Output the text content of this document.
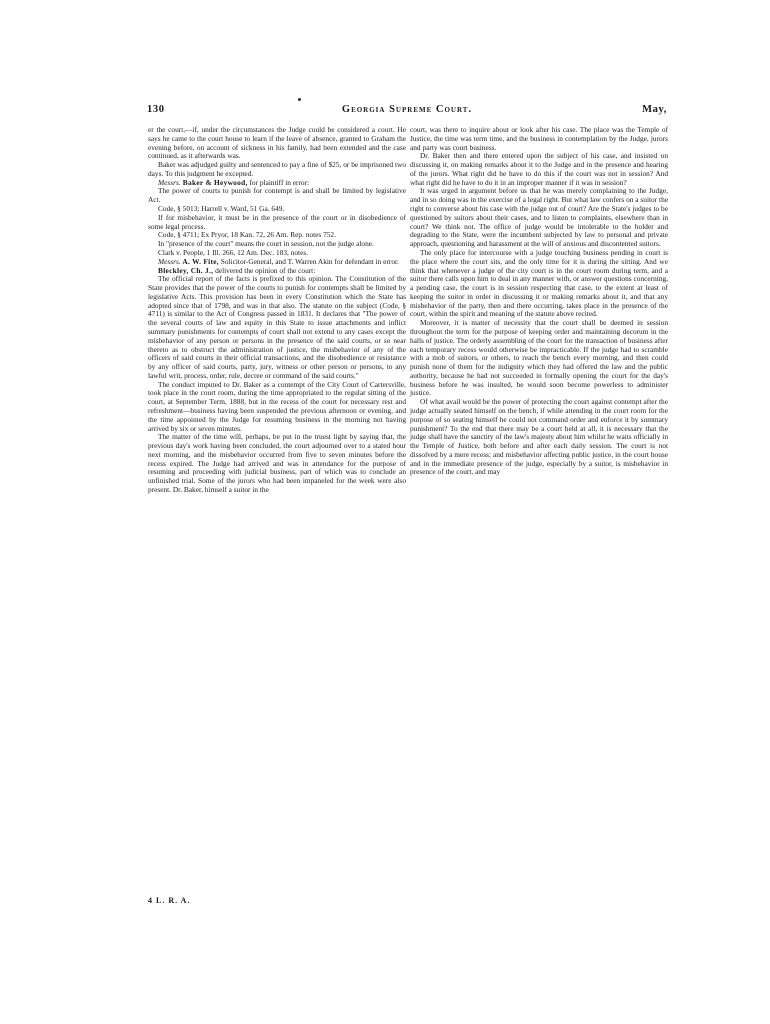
130	Georgia Supreme Court.	May,

er the court,—if, under the circumstances the Judge could be considered a court. He says he came to the court house to learn if the leave of absence, granted to Graham the evening before, on account of sickness in his family, had been extended and the case continued, as it afterwards was.

Baker was adjudged guilty and sentenced to pay a fine of $25, or be imprisoned two days. To this judgment he excepted.

Messrs. Baker & Heywood, for plaintiff in error:

The power of courts to punish for contempt is and shall be limited by legislative Act.

Code, § 5013; Harrell v. Ward, 51 Ga. 649.

If for misbehavior, it must be in the presence of the court or in disobedience of some legal process.

Code, § 4711; Ex Pryor, 18 Kan. 72, 26 Am. Rep. notes 752.

In "presence of the court" means the court in session, not the judge alone.

Clark v. People, 1 Ill. 266, 12 Am. Dec. 183, notes.

Messrs. A. W. Fite, Solicitor-General, and T. Warren Akin for defendant in error.

Bleckley, Ch. J., delivered the opinion of the court:

The official report of the facts is prefixed to this opinion. The Constitution of the State provides that the power of the courts to punish for contempts shall be limited by legislative Acts. This provision has been in every Constitution which the State has adopted since that of 1798, and was in that also. The statute on the subject (Code, § 4711) is similar to the Act of Congress passed in 1831. It declares that "The power of the several courts of law and equity in this State to issue attachments and inflict summary punishments for contempts of court shall not extend to any cases except the misbehavior of any person or persons in the presence of the said courts, or so near thereto as to obstruct the administration of justice, the misbehavior of any of the officers of said courts in their official transactions, and the disobedience or resistance by any officer of said courts, party, jury, witness or other person or persons, to any lawful writ, process, order, rule, decree or command of the said courts."

The conduct imputed to Dr. Baker as a contempt of the City Court of Cartersville, took place in the court room, during the time appropriated to the regular sitting of the court, at September Term, 1888, but in the recess of the court for necessary rest and refreshment—business having been suspended the previous afternoon or evening, and the time appointed by the Judge for resuming business in the morning not having arrived by six or seven minutes.

The matter of the time will, perhaps, be put in the truest light by saying that, the previous day's work having been concluded, the court adjourned over to a stated hour next morning, and the misbehavior occurred from five to seven minutes before the recess expired. The Judge had arrived and was in attendance for the purpose of resuming and proceeding with judicial business, part of which was to conclude an unfinished trial. Some of the jurors who had been impaneled for the week were also present. Dr. Baker, himself a suitor in the

court, was there to inquire about or look after his case. The place was the Temple of Justice, the time was term time, and the business in contemplation by the Judge, jurors and party was court business.

Dr. Baker then and there entered upon the subject of his case, and insisted on discussing it, on making remarks about it to the Judge and in the presence and hearing of the jurors. What right did he have to do this if the court was not in session? And what right did he have to do it in an improper manner if it was in session?

It was urged in argument before us that he was merely complaining to the Judge, and in so doing was in the exercise of a legal right. But what law confers on a suitor the right to converse about his case with the judge out of court? Are the State's judges to be questioned by suitors about their cases, and to listen to complaints, elsewhere than in court? We think not. The office of judge would be intolerable to the holder and degrading to the State, were the incumbent subjected by law to personal and private approach, questioning and harassment at the will of anxious and discontented suitors.

The only place for intercourse with a judge touching business pending in court is the place where the court sits, and the only time for it is during the sitting. And we think that whenever a judge of the city court is in the court room during term, and a suitor there calls upon him to deal in any manner with, or answer questions concerning, a pending case, the court is in session respecting that case, to the extent at least of keeping the suitor in order in discussing it or making remarks about it, and that any misbehavior of the party, then and there occurring, takes place in the presence of the court, within the spirit and meaning of the statute above recited.

Moreover, it is matter of necessity that the court shall be deemed in session throughout the term for the purpose of keeping order and maintaining decorum in the halls of justice. The orderly assembling of the court for the transaction of business after each temporary recess would otherwise be impracticable. If the judge had to scramble with a mob of suitors, or others, to reach the bench every morning, and then could punish none of them for the indignity which they had offered the law and the public authority, because he had not succeeded in formally opening the court for the day's business before he was insulted, he would soon become powerless to administer justice.

Of what avail would be the power of protecting the court against contempt after the judge actually seated himself on the bench, if while attending in the court room for the purpose of so seating himself he could not command order and enforce it by summary punishment? To the end that there may be a court held at all, it is necessary that the judge shall have the sanctity of the law's majesty about him whilst he waits officially in the Temple of Justice, both before and after each daily session. The court is not dissolved by a mere recess; and misbehavior affecting public justice, in the court house and in the immediate presence of the judge, especially by a suitor, is misbehavior in presence of the court, and may

4 L. R. A.
